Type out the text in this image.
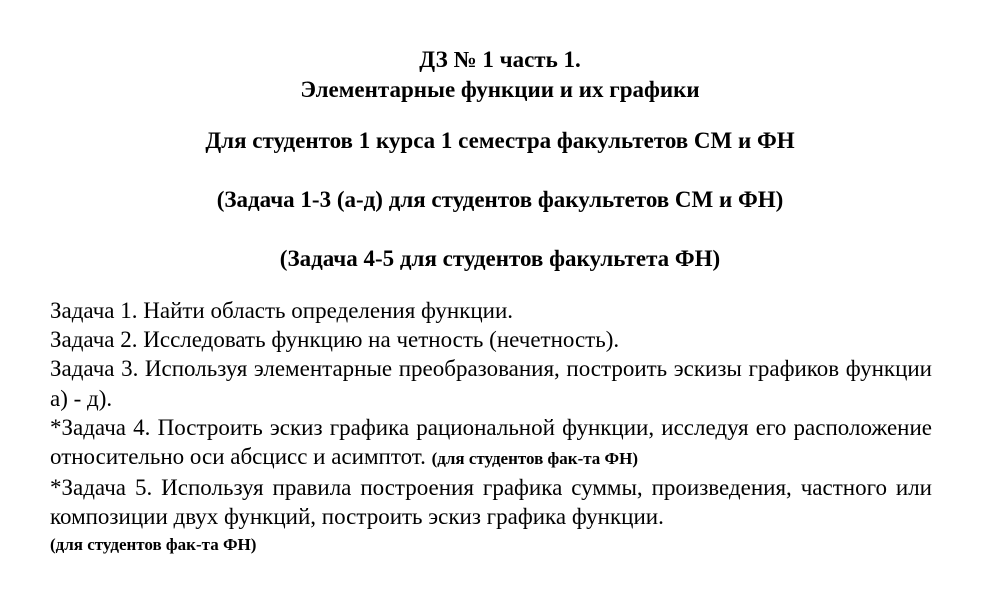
ДЗ № 1 часть 1.
Элементарные функции и их графики
Для студентов 1 курса 1 семестра факультетов СМ и ФН
(Задача 1-3 (а-д) для студентов факультетов СМ и ФН)
(Задача 4-5 для студентов факультета ФН)

Задача 1. Найти область определения функции.

Задача 2. Исследовать функцию на четность (нечетность).

Задача 3. Используя элементарные преобразования, построить эскизы графиков функции а) - д).

*Задача 4. Построить эскиз графика рациональной функции, исследуя его расположение относительно оси абсцисс и асимптот. (для студентов фак-та ФН)

*Задача 5. Используя правила построения графика суммы, произведения, частного или композиции двух функций, построить эскиз графика функции.
(для студентов фак-та ФН)
